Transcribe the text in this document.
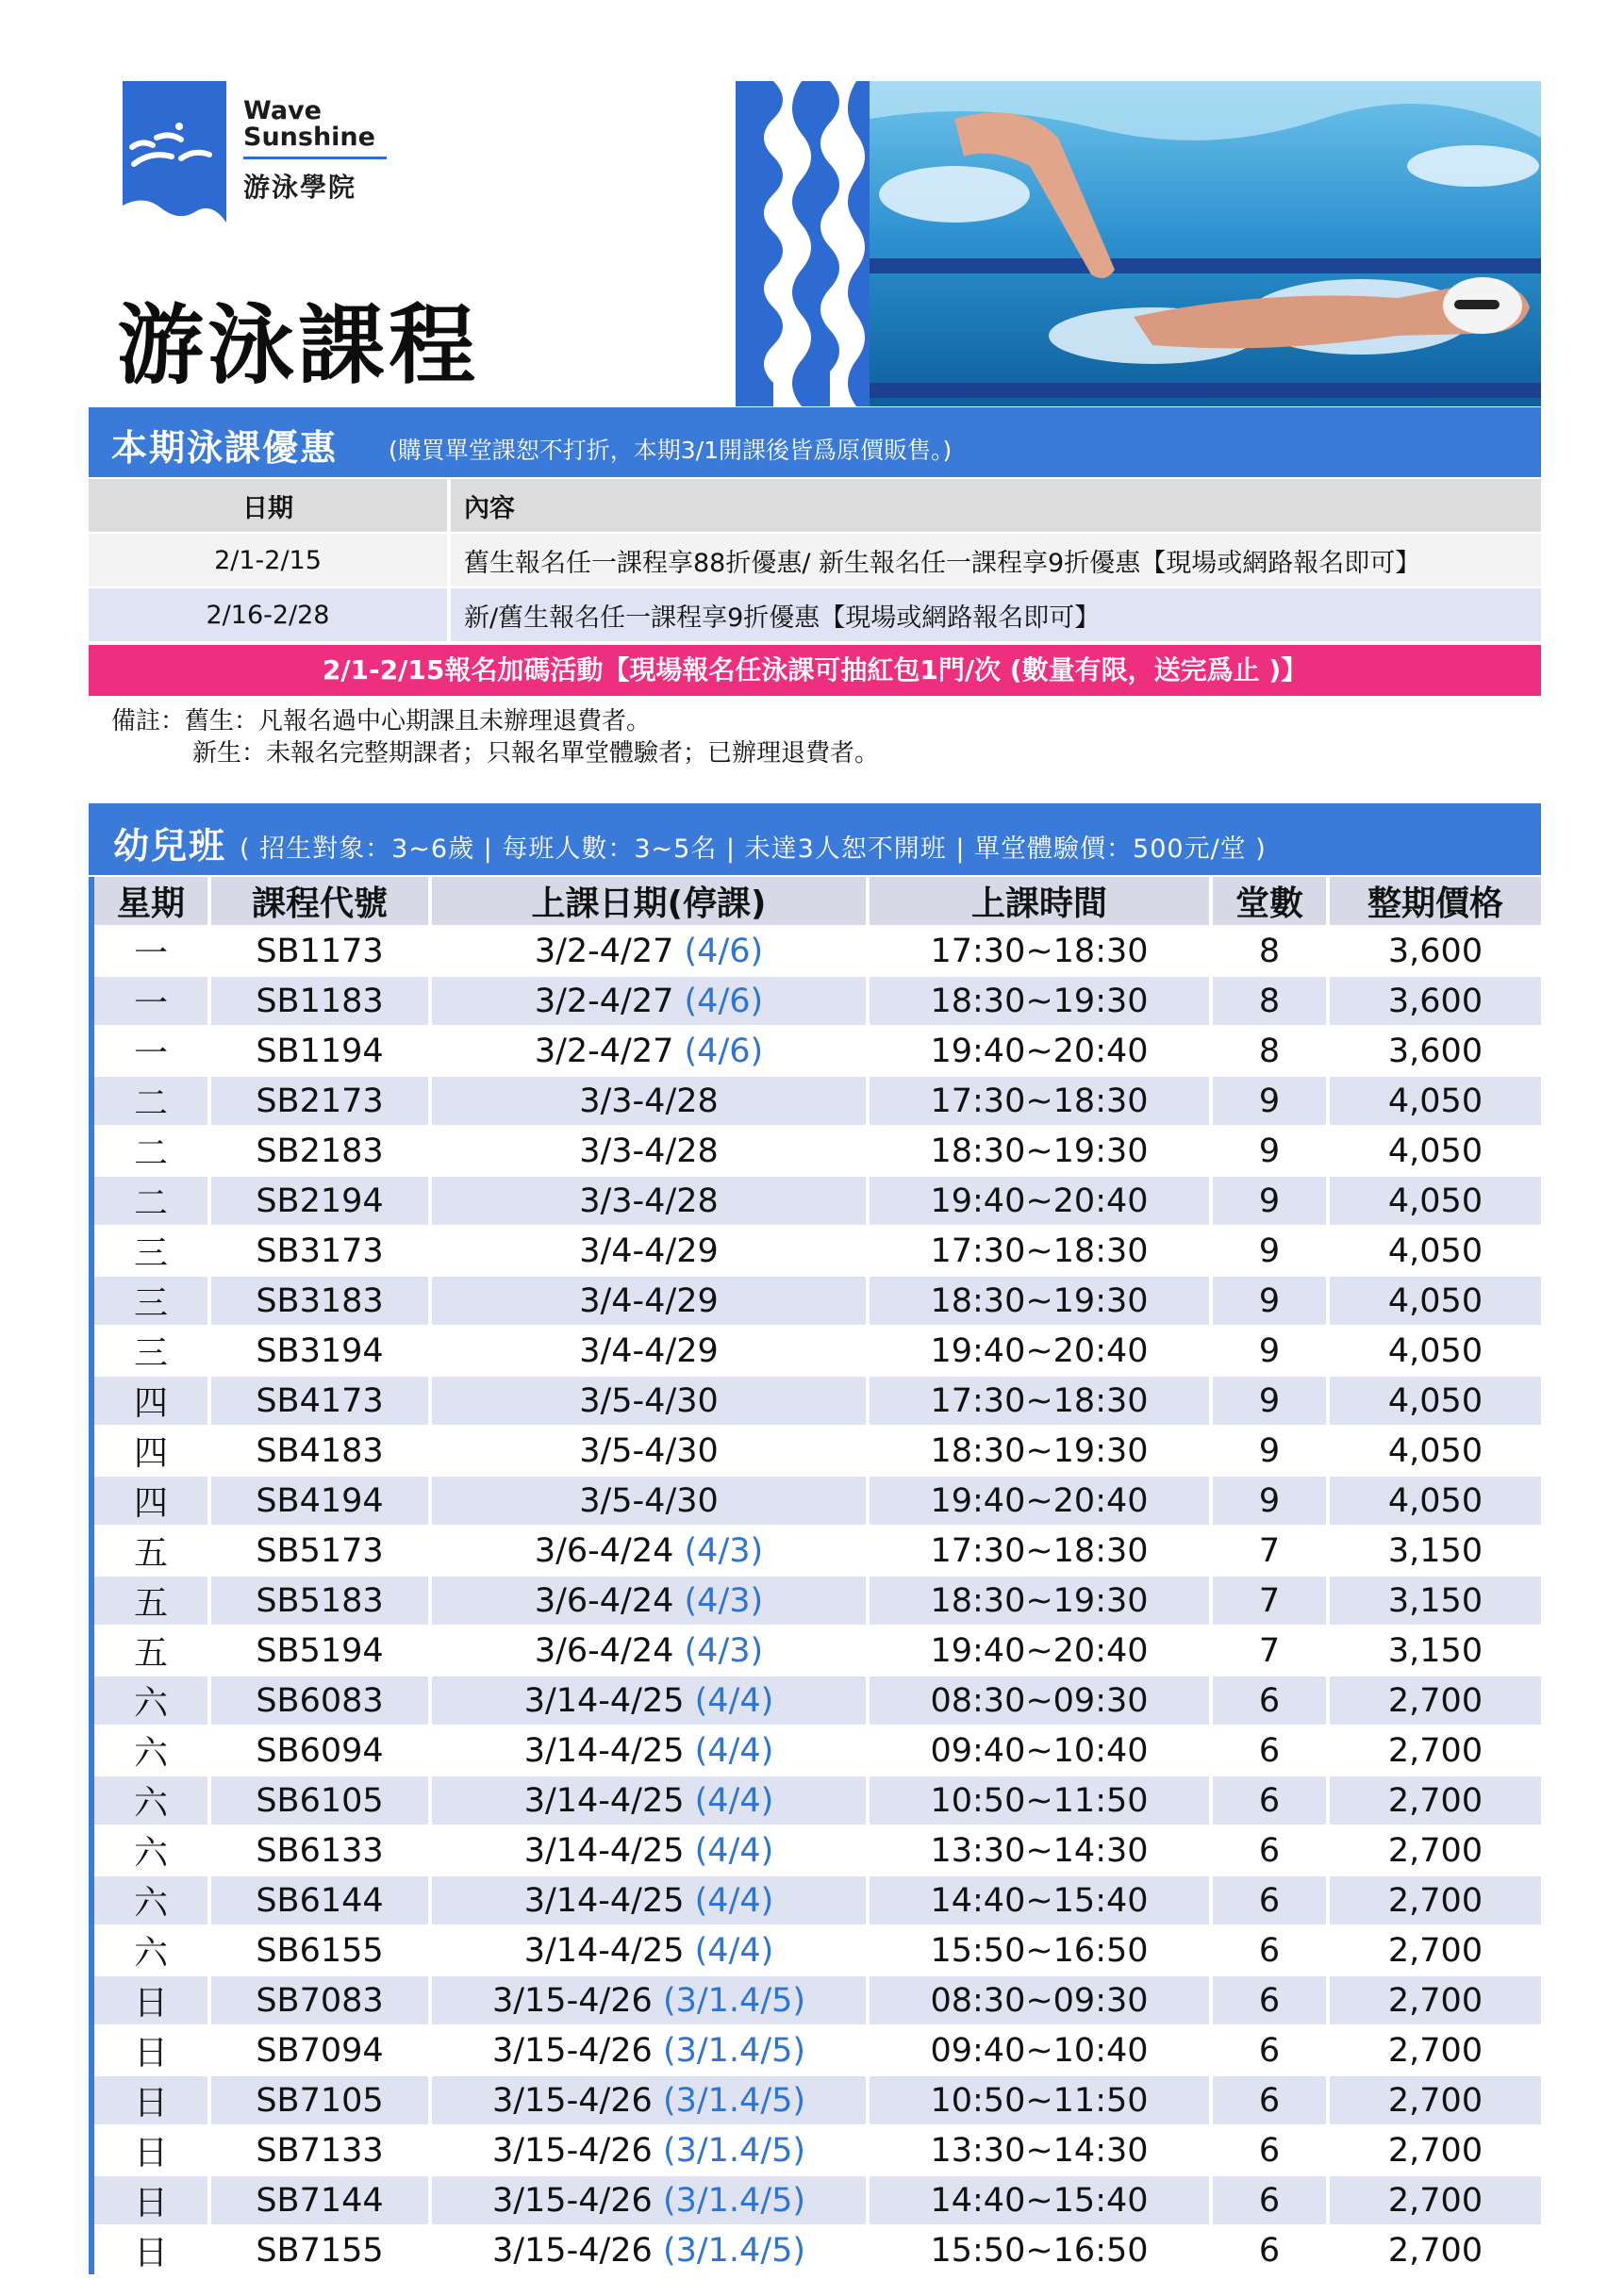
Wave
Sunshine
游泳學院
游泳課程
本期泳課優惠 (購買單堂課恕不打折，本期3/1開課後皆爲原價販售。)
日期	內容
2/1-2/15	舊生報名任一課程享88折優惠/ 新生報名任一課程享9折優惠【現場或網路報名即可】
2/16-2/28	新/舊生報名任一課程享9折優惠【現場或網路報名即可】
2/1-2/15報名加碼活動【現場報名任泳課可抽紅包1門/次 (數量有限，送完爲止 )】
備註：舊生：凡報名過中心期課且未辦理退費者。
新生：未報名完整期課者；只報名單堂體驗者；已辦理退費者。
幼兒班 ( 招生對象：3~6歲 | 每班人數：3~5名 | 未達3人恕不開班 | 單堂體驗價：500元/堂 )
星期	課程代號	上課日期(停課)	上課時間	堂數	整期價格
一	SB1173	3/2-4/27 (4/6)	17:30~18:30	8	3,600
一	SB1183	3/2-4/27 (4/6)	18:30~19:30	8	3,600
一	SB1194	3/2-4/27 (4/6)	19:40~20:40	8	3,600
二	SB2173	3/3-4/28	17:30~18:30	9	4,050
二	SB2183	3/3-4/28	18:30~19:30	9	4,050
二	SB2194	3/3-4/28	19:40~20:40	9	4,050
三	SB3173	3/4-4/29	17:30~18:30	9	4,050
三	SB3183	3/4-4/29	18:30~19:30	9	4,050
三	SB3194	3/4-4/29	19:40~20:40	9	4,050
四	SB4173	3/5-4/30	17:30~18:30	9	4,050
四	SB4183	3/5-4/30	18:30~19:30	9	4,050
四	SB4194	3/5-4/30	19:40~20:40	9	4,050
五	SB5173	3/6-4/24 (4/3)	17:30~18:30	7	3,150
五	SB5183	3/6-4/24 (4/3)	18:30~19:30	7	3,150
五	SB5194	3/6-4/24 (4/3)	19:40~20:40	7	3,150
六	SB6083	3/14-4/25 (4/4)	08:30~09:30	6	2,700
六	SB6094	3/14-4/25 (4/4)	09:40~10:40	6	2,700
六	SB6105	3/14-4/25 (4/4)	10:50~11:50	6	2,700
六	SB6133	3/14-4/25 (4/4)	13:30~14:30	6	2,700
六	SB6144	3/14-4/25 (4/4)	14:40~15:40	6	2,700
六	SB6155	3/14-4/25 (4/4)	15:50~16:50	6	2,700
日	SB7083	3/15-4/26 (3/1.4/5)	08:30~09:30	6	2,700
日	SB7094	3/15-4/26 (3/1.4/5)	09:40~10:40	6	2,700
日	SB7105	3/15-4/26 (3/1.4/5)	10:50~11:50	6	2,700
日	SB7133	3/15-4/26 (3/1.4/5)	13:30~14:30	6	2,700
日	SB7144	3/15-4/26 (3/1.4/5)	14:40~15:40	6	2,700
日	SB7155	3/15-4/26 (3/1.4/5)	15:50~16:50	6	2,700
